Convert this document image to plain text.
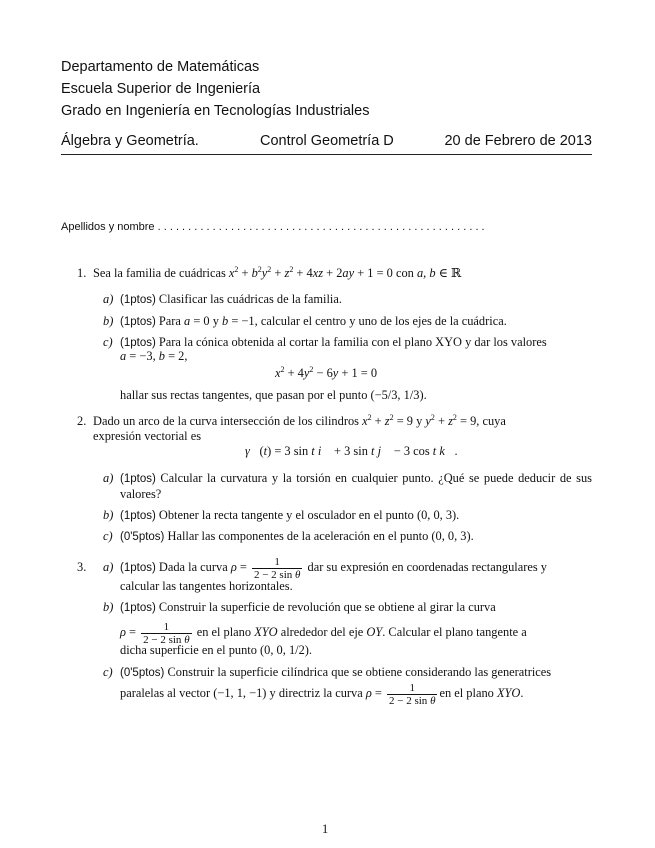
Departamento de Matemáticas
Escuela Superior de Ingeniería
Grado en Ingeniería en Tecnologías Industriales
Álgebra y Geometría.	Control Geometría D	20 de Febrero de 2013
Apellidos y nombre . . . . . . . . . . . . . . . . . . . . . . . . . . . . . . . . . . . . . . . . . . . . . . . . . . . . . .
1. Sea la familia de cuádricas $x^2 + b^2y^2 + z^2 + 4xz + 2ay + 1 = 0$ con a, b ∈ ℝ
a) (1ptos) Clasificar las cuádricas de la familia.
b) (1ptos) Para a = 0 y b = −1, calcular el centro y uno de los ejes de la cuádrica.
c) (1ptos) Para la cónica obtenida al cortar la familia con el plano XYO y dar los valores
a = −3, b = 2,
$x^2 + 4y^2 - 6y + 1 = 0$
hallar sus rectas tangentes, que pasan por el punto (−5/3, 1/3).
2. Dado un arco de la curva intersección de los cilindros $x^2 + z^2 = 9$ y $y^2 + z^2 = 9$, cuya
expresión vectorial es
γ⃗(t) = 3 sin t i⃗ + 3 sin t j⃗ − 3 cos t k⃗.
a) (1ptos) Calcular la curvatura y la torsión en cualquier punto. ¿Qué se puede deducir de sus valores?
b) (1ptos) Obtener la recta tangente y el osculador en el punto (0, 0, 3).
c) (0'5ptos) Hallar las componentes de la aceleración en el punto (0, 0, 3).
3. a) (1ptos) Dada la curva $\rho = \frac{1}{\text{2 − 2 sin θ}}$ dar su expresión en coordenadas rectangulares y
calcular las tangentes horizontales.
b) (1ptos) Construir la superficie de revolución que se obtiene al girar la curva
$\rho = \frac{1}{\text{2 − 2 sin θ}}$ en el plano XYO alrededor del eje OY. Calcular el plano tangente a
dicha superficie en el punto (0, 0, 1/2).
c) (0'5ptos) Construir la superficie cilíndrica que se obtiene considerando las generatrices
paralelas al vector (−1, 1, −1) y directriz la curva $\rho = \frac{1}{\text{2 − 2 sin θ}}$ en el plano XYO.
1
